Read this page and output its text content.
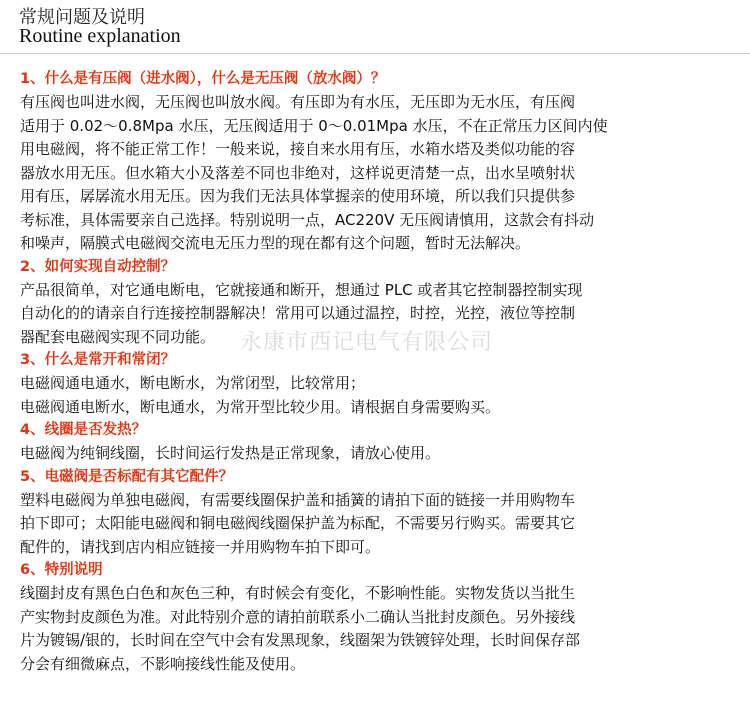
常规问题及说明
Routine explanation
永康市西记电气有限公司
1、什么是有压阀（进水阀），什么是无压阀（放水阀）？
有压阀也叫进水阀，无压阀也叫放水阀。有压即为有水压，无压即为无水压，有压阀
适用于 0.02～0.8Mpa 水压，无压阀适用于 0～0.01Mpa 水压，不在正常压力区间内使
用电磁阀，将不能正常工作！一般来说，接自来水用有压，水箱水塔及类似功能的容
器放水用无压。但水箱大小及落差不同也非绝对，这样说更清楚一点，出水呈喷射状
用有压，孱孱流水用无压。因为我们无法具体掌握亲的使用环境，所以我们只提供参
考标准，具体需要亲自己选择。特别说明一点，AC220V 无压阀请慎用，这款会有抖动
和噪声，隔膜式电磁阀交流电无压力型的现在都有这个问题，暂时无法解决。
2、如何实现自动控制？
产品很简单，对它通电断电，它就接通和断开，想通过 PLC 或者其它控制器控制实现
自动化的的请亲自行连接控制器解决！常用可以通过温控，时控，光控，液位等控制
器配套电磁阀实现不同功能。
3、什么是常开和常闭？
电磁阀通电通水，断电断水，为常闭型，比较常用；
电磁阀通电断水，断电通水，为常开型比较少用。请根据自身需要购买。
4、线圈是否发热？
电磁阀为纯铜线圈，长时间运行发热是正常现象，请放心使用。
5、电磁阀是否标配有其它配件？
塑料电磁阀为单独电磁阀，有需要线圈保护盖和插簧的请拍下面的链接一并用购物车
拍下即可；太阳能电磁阀和铜电磁阀线圈保护盖为标配，不需要另行购买。需要其它
配件的，请找到店内相应链接一并用购物车拍下即可。
6、特别说明
线圈封皮有黑色白色和灰色三种，有时候会有变化，不影响性能。实物发货以当批生
产实物封皮颜色为准。对此特别介意的请拍前联系小二确认当批封皮颜色。另外接线
片为镀锡/银的，长时间在空气中会有发黑现象，线圈架为铁镀锌处理，长时间保存部
分会有细微麻点，不影响接线性能及使用。
